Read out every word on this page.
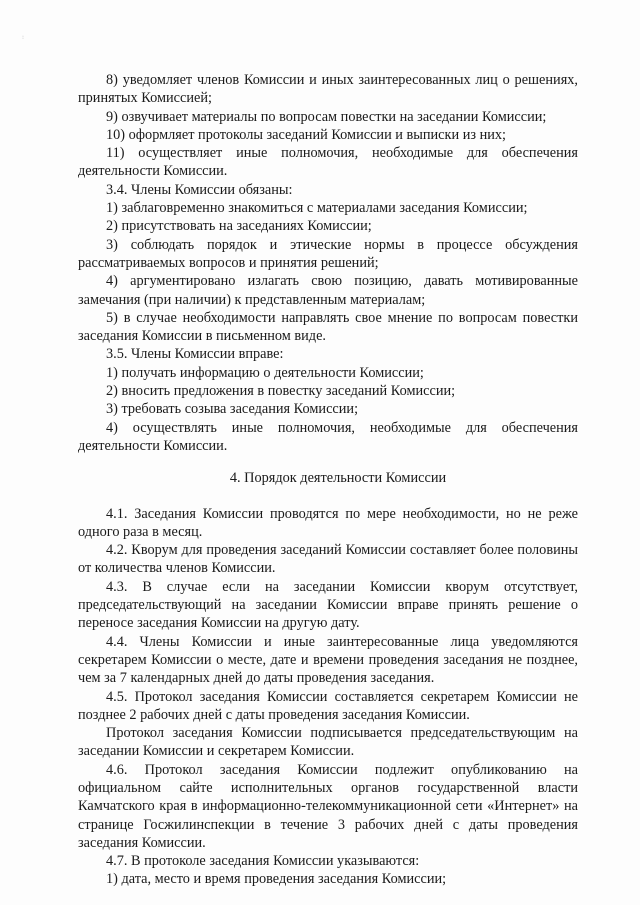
· ·

8) уведомляет членов Комиссии и иных заинтересованных лиц о решениях, принятых Комиссией;

9) озвучивает материалы по вопросам повестки на заседании Комиссии;

10) оформляет протоколы заседаний Комиссии и выписки из них;

11) осуществляет иные полномочия, необходимые для обеспечения деятельности Комиссии.

3.4. Члены Комиссии обязаны:

1) заблаговременно знакомиться с материалами заседания Комиссии;

2) присутствовать на заседаниях Комиссии;

3) соблюдать порядок и этические нормы в процессе обсуждения рассматриваемых вопросов и принятия решений;

4) аргументировано излагать свою позицию, давать мотивированные замечания (при наличии) к представленным материалам;

5) в случае необходимости направлять свое мнение по вопросам повестки заседания Комиссии в письменном виде.

3.5. Члены Комиссии вправе:

1) получать информацию о деятельности Комиссии;

2) вносить предложения в повестку заседаний Комиссии;

3) требовать созыва заседания Комиссии;

4) осуществлять иные полномочия, необходимые для обеспечения деятельности Комиссии.

4. Порядок деятельности Комиссии

4.1. Заседания Комиссии проводятся по мере необходимости, но не реже одного раза в месяц.

4.2. Кворум для проведения заседаний Комиссии составляет более половины от количества членов Комиссии.

4.3. В случае если на заседании Комиссии кворум отсутствует, председательствующий на заседании Комиссии вправе принять решение о переносе заседания Комиссии на другую дату.

4.4. Члены Комиссии и иные заинтересованные лица уведомляются секретарем Комиссии о месте, дате и времени проведения заседания не позднее, чем за 7 календарных дней до даты проведения заседания.

4.5. Протокол заседания Комиссии составляется секретарем Комиссии не позднее 2 рабочих дней с даты проведения заседания Комиссии.

Протокол заседания Комиссии подписывается председательствующим на заседании Комиссии и секретарем Комиссии.

4.6. Протокол заседания Комиссии подлежит опубликованию на официальном сайте исполнительных органов государственной власти Камчатского края в информационно-телекоммуникационной сети «Интернет» на странице Госжилинспекции в течение 3 рабочих дней с даты проведения заседания Комиссии.

4.7. В протоколе заседания Комиссии указываются:

1) дата, место и время проведения заседания Комиссии;
